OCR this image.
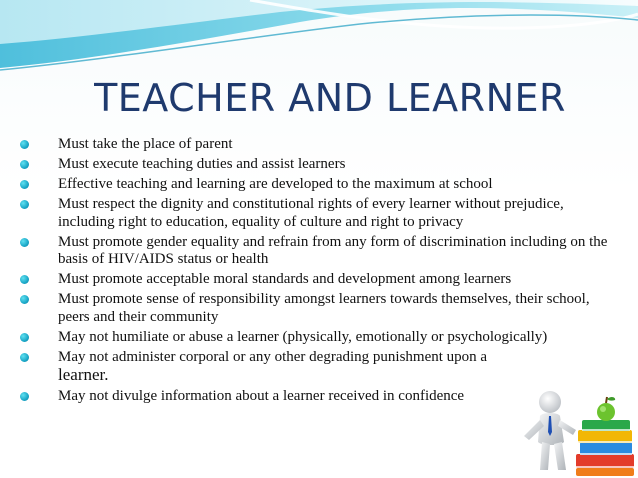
TEACHER AND LEARNER
Must take the place of parent
Must execute teaching duties and assist learners
Effective teaching and learning are developed to the maximum at school
Must respect the dignity and constitutional rights of every learner without prejudice, including right to education, equality of culture and right to privacy
Must promote gender equality and refrain from any form of discrimination including on the basis of HIV/AIDS status or health
Must promote acceptable moral standards and development among learners
Must promote sense of responsibility amongst learners towards themselves, their school, peers and their community
May not humiliate or abuse a learner (physically, emotionally or psychologically)
May not administer corporal or any other degrading punishment upon a
learner.
May not divulge information about a learner received in confidence
